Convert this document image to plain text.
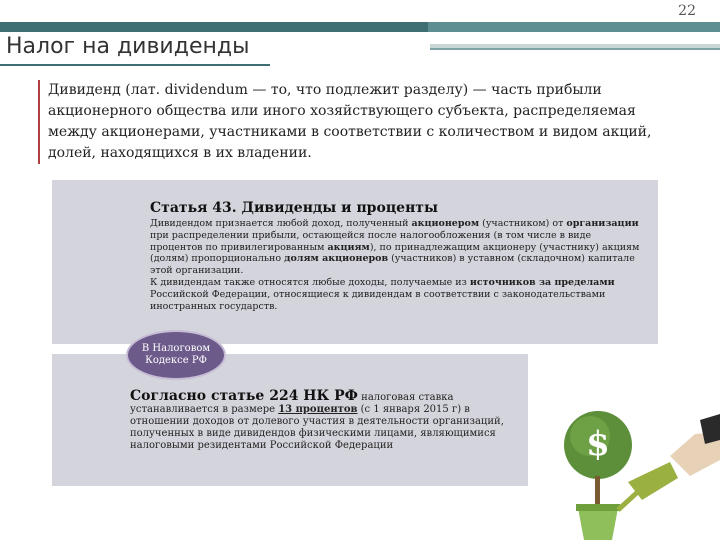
22
Налог на дивиденды
Дивиденд (лат. dividendum — то, что подлежит разделу) — часть прибыли акционерного общества или иного хозяйствующего субъекта, распределяемая между акционерами, участниками в соответствии с количеством и видом акций, долей, находящихся в их владении.
Статья 43. Дивиденды и проценты
Дивидендом признается любой доход, полученный акционером (участником) от организации при распределении прибыли, остающейся после налогообложения (в том числе в виде процентов по привилегированным акциям), по принадлежащим акционеру (участнику) акциям (долям) пропорционально долям акционеров (участников) в уставном (складочном) капитале этой организации.
К дивидендам также относятся любые доходы, получаемые из источников за пределами Российской Федерации, относящиеся к дивидендам в соответствии с законодательствами иностранных государств.
В Налоговом Кодексе РФ
Согласно статье 224 НК РФ налоговая ставка
устанавливается в размере 13 процентов (с 1 января 2015 г) в отношении доходов от долевого участия в деятельности организаций, полученных в виде дивидендов физическими лицами, являющимися налоговыми резидентами Российской Федерации	$
